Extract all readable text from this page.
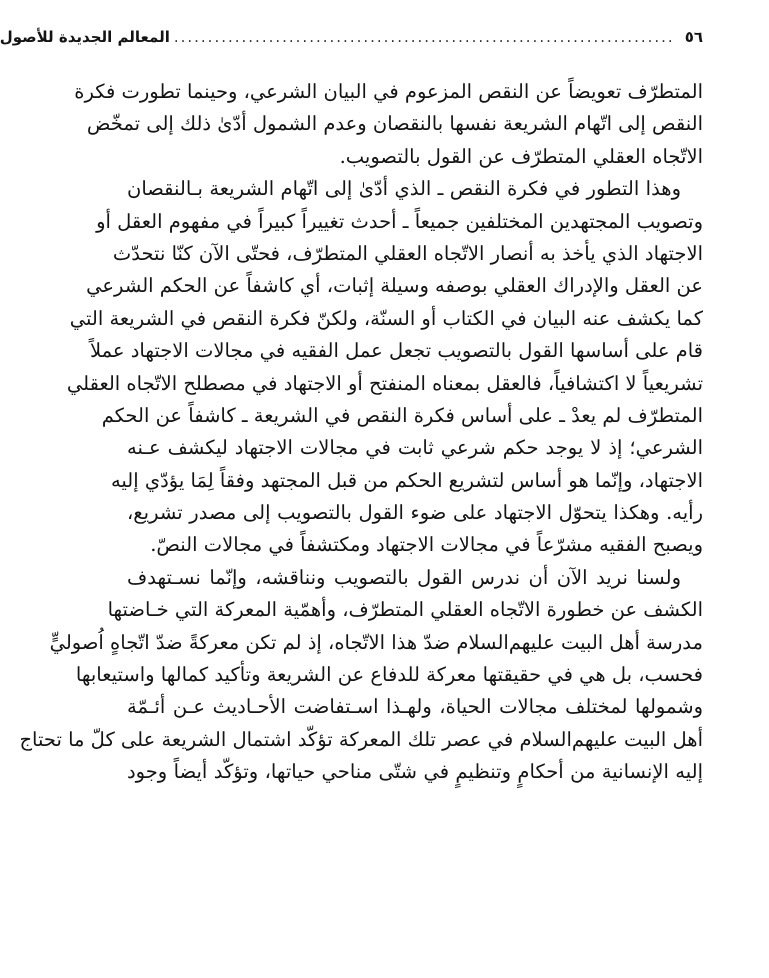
٥٦
..........................................................................
المعالم الجديدة للأصول
المتطرّف تعويضاً عن النقص المزعوم في البيان الشرعي، وحينما تطورت فكرة
النقص إلى اتّهام الشريعة نفسها بالنقصان وعدم الشمول أدّىٰ ذلك إلى تمخّض
الاتّجاه العقلي المتطرّف عن القول بالتصويب.
وهذا التطور في فكرة النقص ـ الذي أدّىٰ إلى اتّهام الشريعة بـالنقصان
وتصويب المجتهدين المختلفين جميعاً ـ أحدث تغييراً كبيراً في مفهوم العقل أو
الاجتهاد الذي يأخذ به أنصار الاتّجاه العقلي المتطرّف، فحتّى الآن كنّا نتحدّث
عن العقل والإدراك العقلي بوصفه وسيلة إثبات، أي كاشفاً عن الحكم الشرعي
كما يكشف عنه البيان في الكتاب أو السنّة، ولكنّ فكرة النقص في الشريعة التي
قام على أساسها القول بالتصويب تجعل عمل الفقيه في مجالات الاجتهاد عملاً
تشريعياً لا اكتشافياً، فالعقل بمعناه المنفتح أو الاجتهاد في مصطلح الاتّجاه العقلي
المتطرّف لم يعدْ ـ على أساس فكرة النقص في الشريعة ـ كاشفاً عن الحكم
الشرعي؛ إذ لا يوجد حكم شرعي ثابت في مجالات الاجتهاد ليكشف عـنه
الاجتهاد، وإنّما هو أساس لتشريع الحكم من قبل المجتهد وفقاً لِمَا يؤدّي إليه
رأيه. وهكذا يتحوّل الاجتهاد على ضوء القول بالتصويب إلى مصدر تشريع،
ويصبح الفقيه مشرّعاً في مجالات الاجتهاد ومكتشفاً في مجالات النصّ.
ولسنا نريد الآن أن ندرس القول بالتصويب ونناقشه، وإنّما نسـتهدف
الكشف عن خطورة الاتّجاه العقلي المتطرّف، وأهمّية المعركة التي خـاضتها
مدرسة أهل البيت عليهم‌السلام ضدّ هذا الاتّجاه، إذ لم تكن معركةً ضدّ اتّجاهٍ اُصوليٍّ
فحسب، بل هي في حقيقتها معركة للدفاع عن الشريعة وتأكيد كمالها واستيعابها
وشمولها لمختلف مجالات الحياة، ولهـذا اسـتفاضت الأحـاديث عـن أئـمّة
أهل البيت عليهم‌السلام في عصر تلك المعركة تؤكّد اشتمال الشريعة على كلّ ما تحتاج
إليه الإنسانية من أحكامٍ وتنظيمٍ في شتّى مناحي حياتها، وتؤكّد أيضاً وجود
